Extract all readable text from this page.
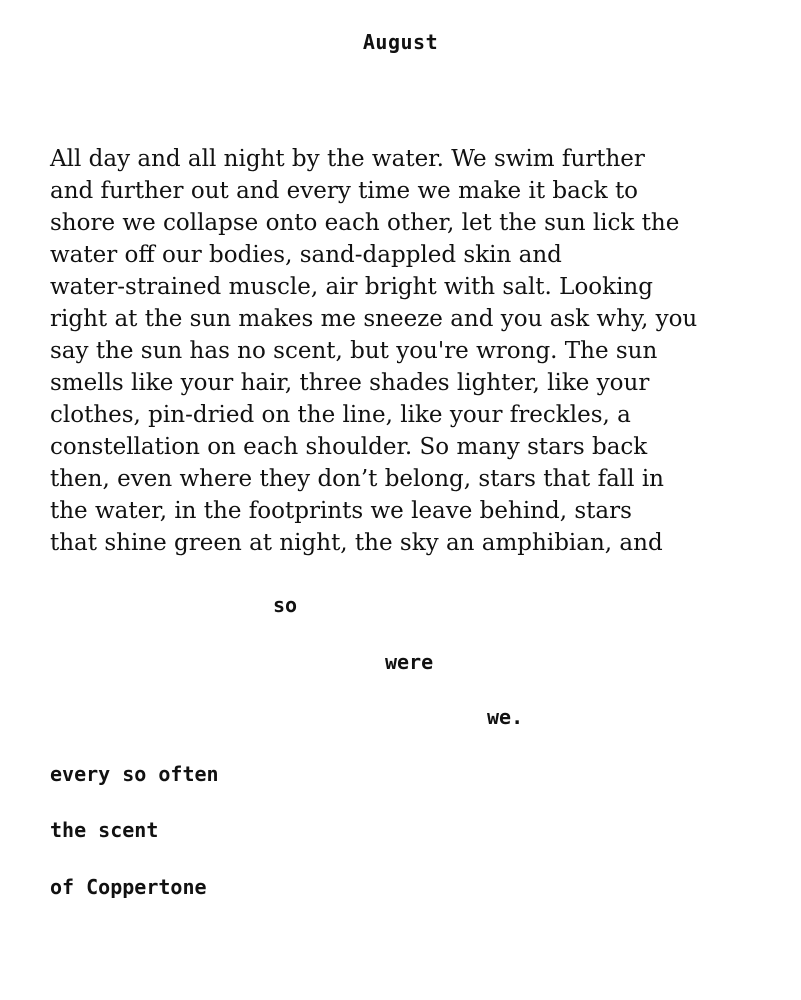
August
All day and all night by the water. We swim further
and further out and every time we make it back to
shore we collapse onto each other, let the sun lick the
water off our bodies, sand-dappled skin and
water-strained muscle, air bright with salt. Looking
right at the sun makes me sneeze and you ask why, you
say the sun has no scent, but you're wrong. The sun
smells like your hair, three shades lighter, like your
clothes, pin-dried on the line, like your freckles, a
constellation on each shoulder. So many stars back
then, even where they don’t belong, stars that fall in
the water, in the footprints we leave behind, stars
that shine green at night, the sky an amphibian, and
so
were
we.
every so often
the scent
of Coppertone
